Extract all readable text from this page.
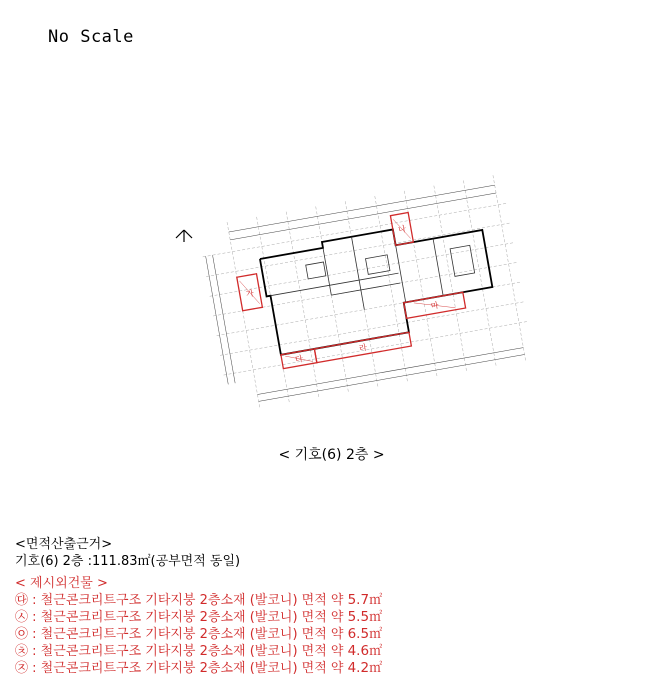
No Scale
가
나
다
라
마
< 기호(6) 2층 >
<면적산출근거>
기호(6) 2층 :111.83㎡(공부면적 동일)
< 제시외건물 >
㉰ : 철근콘크리트구조 기타지붕 2층소재 (발코니) 면적 약 5.7㎡
㉦ : 철근콘크리트구조 기타지붕 2층소재 (발코니) 면적 약 5.5㎡
㉧ : 철근콘크리트구조 기타지붕 2층소재 (발코니) 면적 약 6.5㎡
㉩ : 철근콘크리트구조 기타지붕 2층소재 (발코니) 면적 약 4.6㎡
㉨ : 철근콘크리트구조 기타지붕 2층소재 (발코니) 면적 약 4.2㎡
